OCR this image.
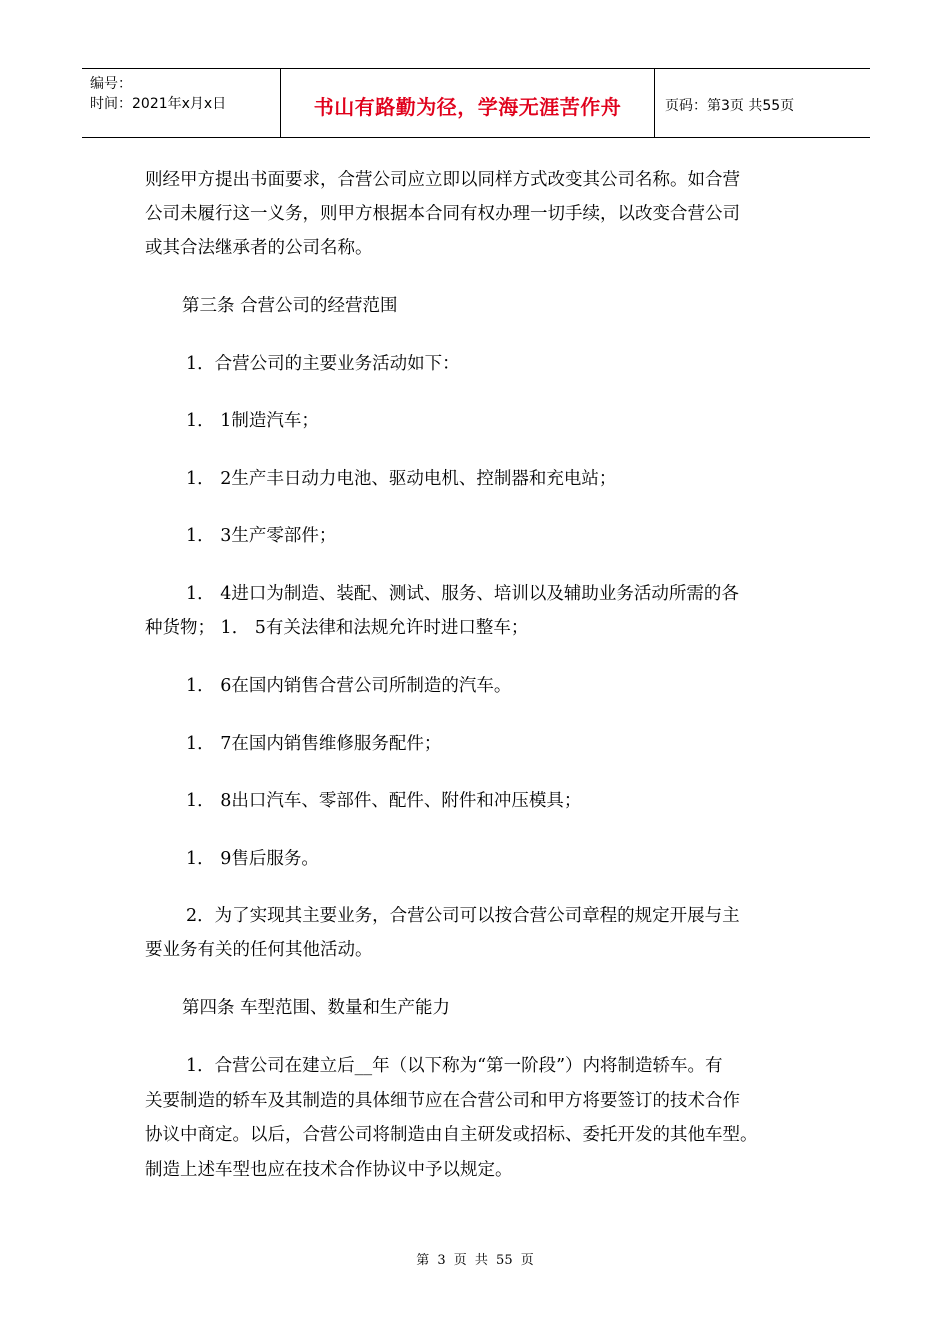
编号：
时间：2021年x月x日	书山有路勤为径，学海无涯苦作舟	页码：第3页 共55页
则经甲方提出书面要求，合营公司应立即以同样方式改变其公司名称。如合营
公司未履行这一义务，则甲方根据本合同有权办理一切手续，以改变合营公司
或其合法继承者的公司名称。
第三条 合营公司的经营范围
1．合营公司的主要业务活动如下：
1． 1制造汽车；
1． 2生产丰日动力电池、驱动电机、控制器和充电站；
1． 3生产零部件；
1． 4进口为制造、装配、测试、服务、培训以及辅助业务活动所需的各
种货物； 1． 5有关法律和法规允许时进口整车；
1． 6在国内销售合营公司所制造的汽车。
1． 7在国内销售维修服务配件；
1． 8出口汽车、零部件、配件、附件和冲压模具；
1． 9售后服务。
2．为了实现其主要业务，合营公司可以按合营公司章程的规定开展与主
要业务有关的任何其他活动。
第四条 车型范围、数量和生产能力
1．合营公司在建立后__年（以下称为“第一阶段”）内将制造轿车。有
关要制造的轿车及其制造的具体细节应在合营公司和甲方将要签订的技术合作
协议中商定。以后，合营公司将制造由自主研发或招标、委托开发的其他车型。
制造上述车型也应在技术合作协议中予以规定。
第 3 页 共 55 页
